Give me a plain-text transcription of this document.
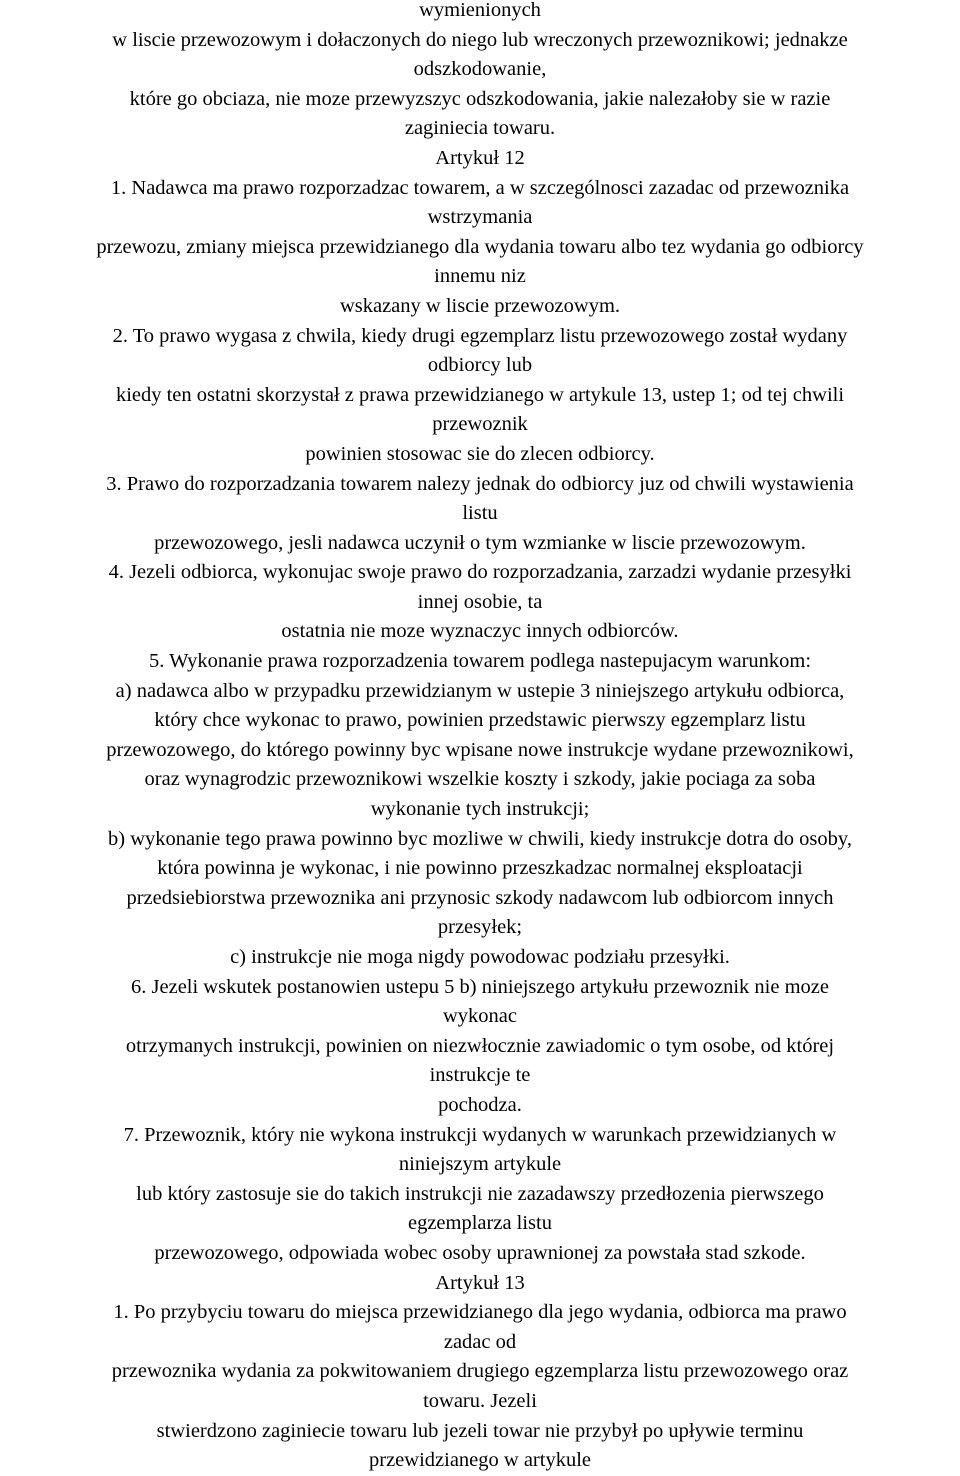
wymienionych
w liscie przewozowym i dołaczonych do niego lub wreczonych przewoznikowi; jednakze
odszkodowanie,
które go obciaza, nie moze przewyzszyc odszkodowania, jakie nalezałoby sie w razie
zaginiecia towaru.
Artykuł 12
1. Nadawca ma prawo rozporzadzac towarem, a w szczególnosci zazadac od przewoznika
wstrzymania
przewozu, zmiany miejsca przewidzianego dla wydania towaru albo tez wydania go odbiorcy
innemu niz
wskazany w liscie przewozowym.
2. To prawo wygasa z chwila, kiedy drugi egzemplarz listu przewozowego został wydany
odbiorcy lub
kiedy ten ostatni skorzystał z prawa przewidzianego w artykule 13, ustep 1; od tej chwili
przewoznik
powinien stosowac sie do zlecen odbiorcy.
3. Prawo do rozporzadzania towarem nalezy jednak do odbiorcy juz od chwili wystawienia
listu
przewozowego, jesli nadawca uczynił o tym wzmianke w liscie przewozowym.
4. Jezeli odbiorca, wykonujac swoje prawo do rozporzadzania, zarzadzi wydanie przesyłki
innej osobie, ta
ostatnia nie moze wyznaczyc innych odbiorców.
5. Wykonanie prawa rozporzadzenia towarem podlega nastepujacym warunkom:
a) nadawca albo w przypadku przewidzianym w ustepie 3 niniejszego artykułu odbiorca,
który chce wykonac to prawo, powinien przedstawic pierwszy egzemplarz listu
przewozowego, do którego powinny byc wpisane nowe instrukcje wydane przewoznikowi,
oraz wynagrodzic przewoznikowi wszelkie koszty i szkody, jakie pociaga za soba
wykonanie tych instrukcji;
b) wykonanie tego prawa powinno byc mozliwe w chwili, kiedy instrukcje dotra do osoby,
która powinna je wykonac, i nie powinno przeszkadzac normalnej eksploatacji
przedsiebiorstwa przewoznika ani przynosic szkody nadawcom lub odbiorcom innych
przesyłek;
c) instrukcje nie moga nigdy powodowac podziału przesyłki.
6. Jezeli wskutek postanowien ustepu 5 b) niniejszego artykułu przewoznik nie moze
wykonac
otrzymanych instrukcji, powinien on niezwłocznie zawiadomic o tym osobe, od której
instrukcje te
pochodza.
7. Przewoznik, który nie wykona instrukcji wydanych w warunkach przewidzianych w
niniejszym artykule
lub który zastosuje sie do takich instrukcji nie zazadawszy przedłozenia pierwszego
egzemplarza listu
przewozowego, odpowiada wobec osoby uprawnionej za powstała stad szkode.
Artykuł 13
1. Po przybyciu towaru do miejsca przewidzianego dla jego wydania, odbiorca ma prawo
zadac od
przewoznika wydania za pokwitowaniem drugiego egzemplarza listu przewozowego oraz
towaru. Jezeli
stwierdzono zaginiecie towaru lub jezeli towar nie przybył po upływie terminu
przewidzianego w artykule
